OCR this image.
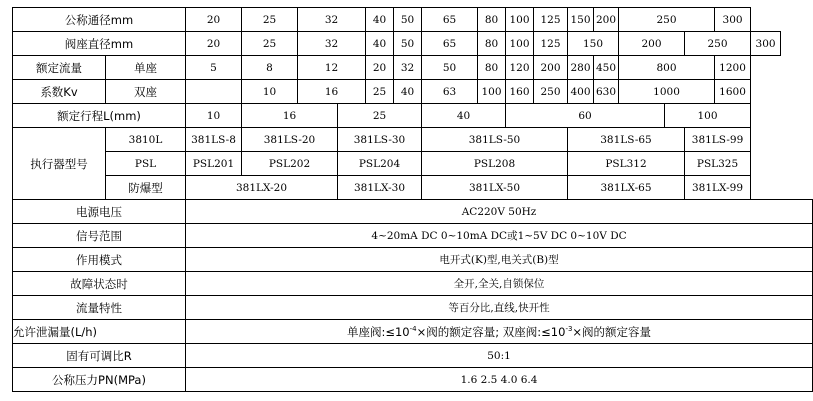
公称通径mm		20	25	32		40	50	65	80	100	125	150	200	250			300	
阀座直径mm		20	25	32		40	50	65	80	100	125	150		200		250		300
额定流量	单座	5	8	12		20	32	50	80	120	200	280	450	800			1200	
系数Kv	双座		10	16		25	40	63	100	160	250	400	630	1000			1600	
额定行程L(mm)		10	16		25			40		60					100			
执行器型号	3810L	381LS-8	381LS-20		381LS-30			381LS-50				381LS-65				381LS-99		
	PSL	PSL201	PSL202		PSL204			PSL208				PSL312				PSL325		
	防爆型	381LX-20			381LX-30			381LX-50				381LX-65				381LX-99		
电源电压		AC220V 50Hz																
信号范围		4~20mA DC 0~10mA DC或1~5V DC 0~10V DC																
作用模式		电开式(K)型,电关式(B)型																
故障状态时		全开,全关,自锁保位																
流量特性		等百分比,直线,快开性																
允许泄漏量(L/h)		单座阀$:\le 10^{-4}\times$阀的额定容量; 双座阀$:\le 10^{-3}\times$阀的额定容量																
固有可调比R		50:1																
公称压力PN(MPa)		1.6 2.5 4.0 6.4																
